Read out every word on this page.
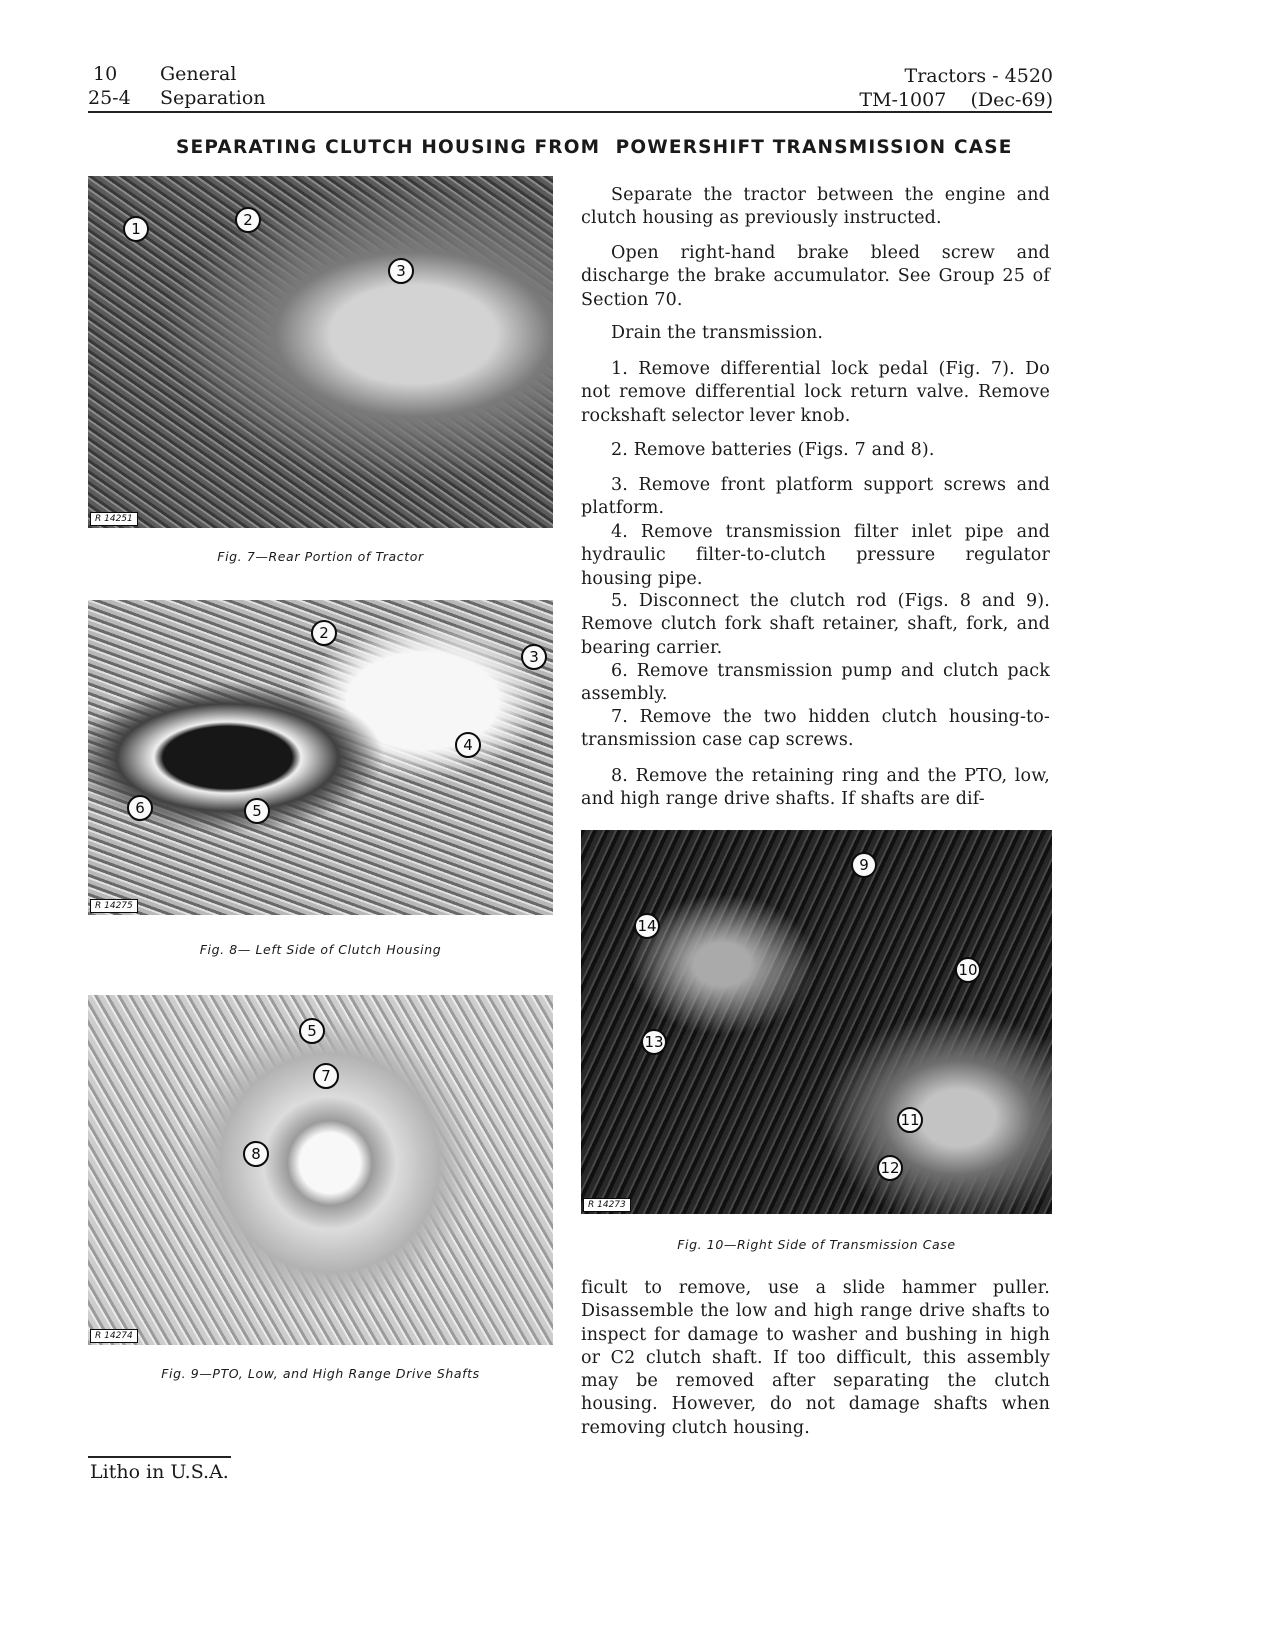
10 General
25-4 Separation
Tractors - 4520
TM-1007    (Dec-69)
SEPARATING CLUTCH HOUSING FROM  POWERSHIFT TRANSMISSION CASE
1	2
3
R 14251
Fig. 7—Rear Portion of Tractor
2
3
4
5
6
R 14275
Fig. 8— Left Side of Clutch Housing
5
7
8
R 14274
Fig. 9—PTO, Low, and High Range Drive Shafts
9
10
11
12
13
14
R 14273
Fig. 10—Right Side of Transmission Case
Separate the tractor between the engine and clutch housing as previously instructed.
Open right-hand brake bleed screw and discharge the brake accumulator. See Group 25 of Section 70.
Drain the transmission.
1. Remove differential lock pedal (Fig. 7). Do not remove differential lock return valve. Remove rockshaft selector lever knob.
2. Remove batteries (Figs. 7 and 8).
3. Remove front platform support screws and platform.
4. Remove transmission filter inlet pipe and hydraulic filter-to-clutch pressure regulator housing pipe.
5. Disconnect the clutch rod (Figs. 8 and 9). Remove clutch fork shaft retainer, shaft, fork, and bearing carrier.
6. Remove transmission pump and clutch pack assembly.
7. Remove the two hidden clutch housing-to-transmission case cap screws.
8. Remove the retaining ring and the PTO, low, and high range drive shafts. If shafts are dif-
ficult to remove, use a slide hammer puller. Disassemble the low and high range drive shafts to inspect for damage to washer and bushing in high or C2 clutch shaft. If too difficult, this assembly may be removed after separating the clutch housing. However, do not damage shafts when removing clutch housing.
Litho in U.S.A.
